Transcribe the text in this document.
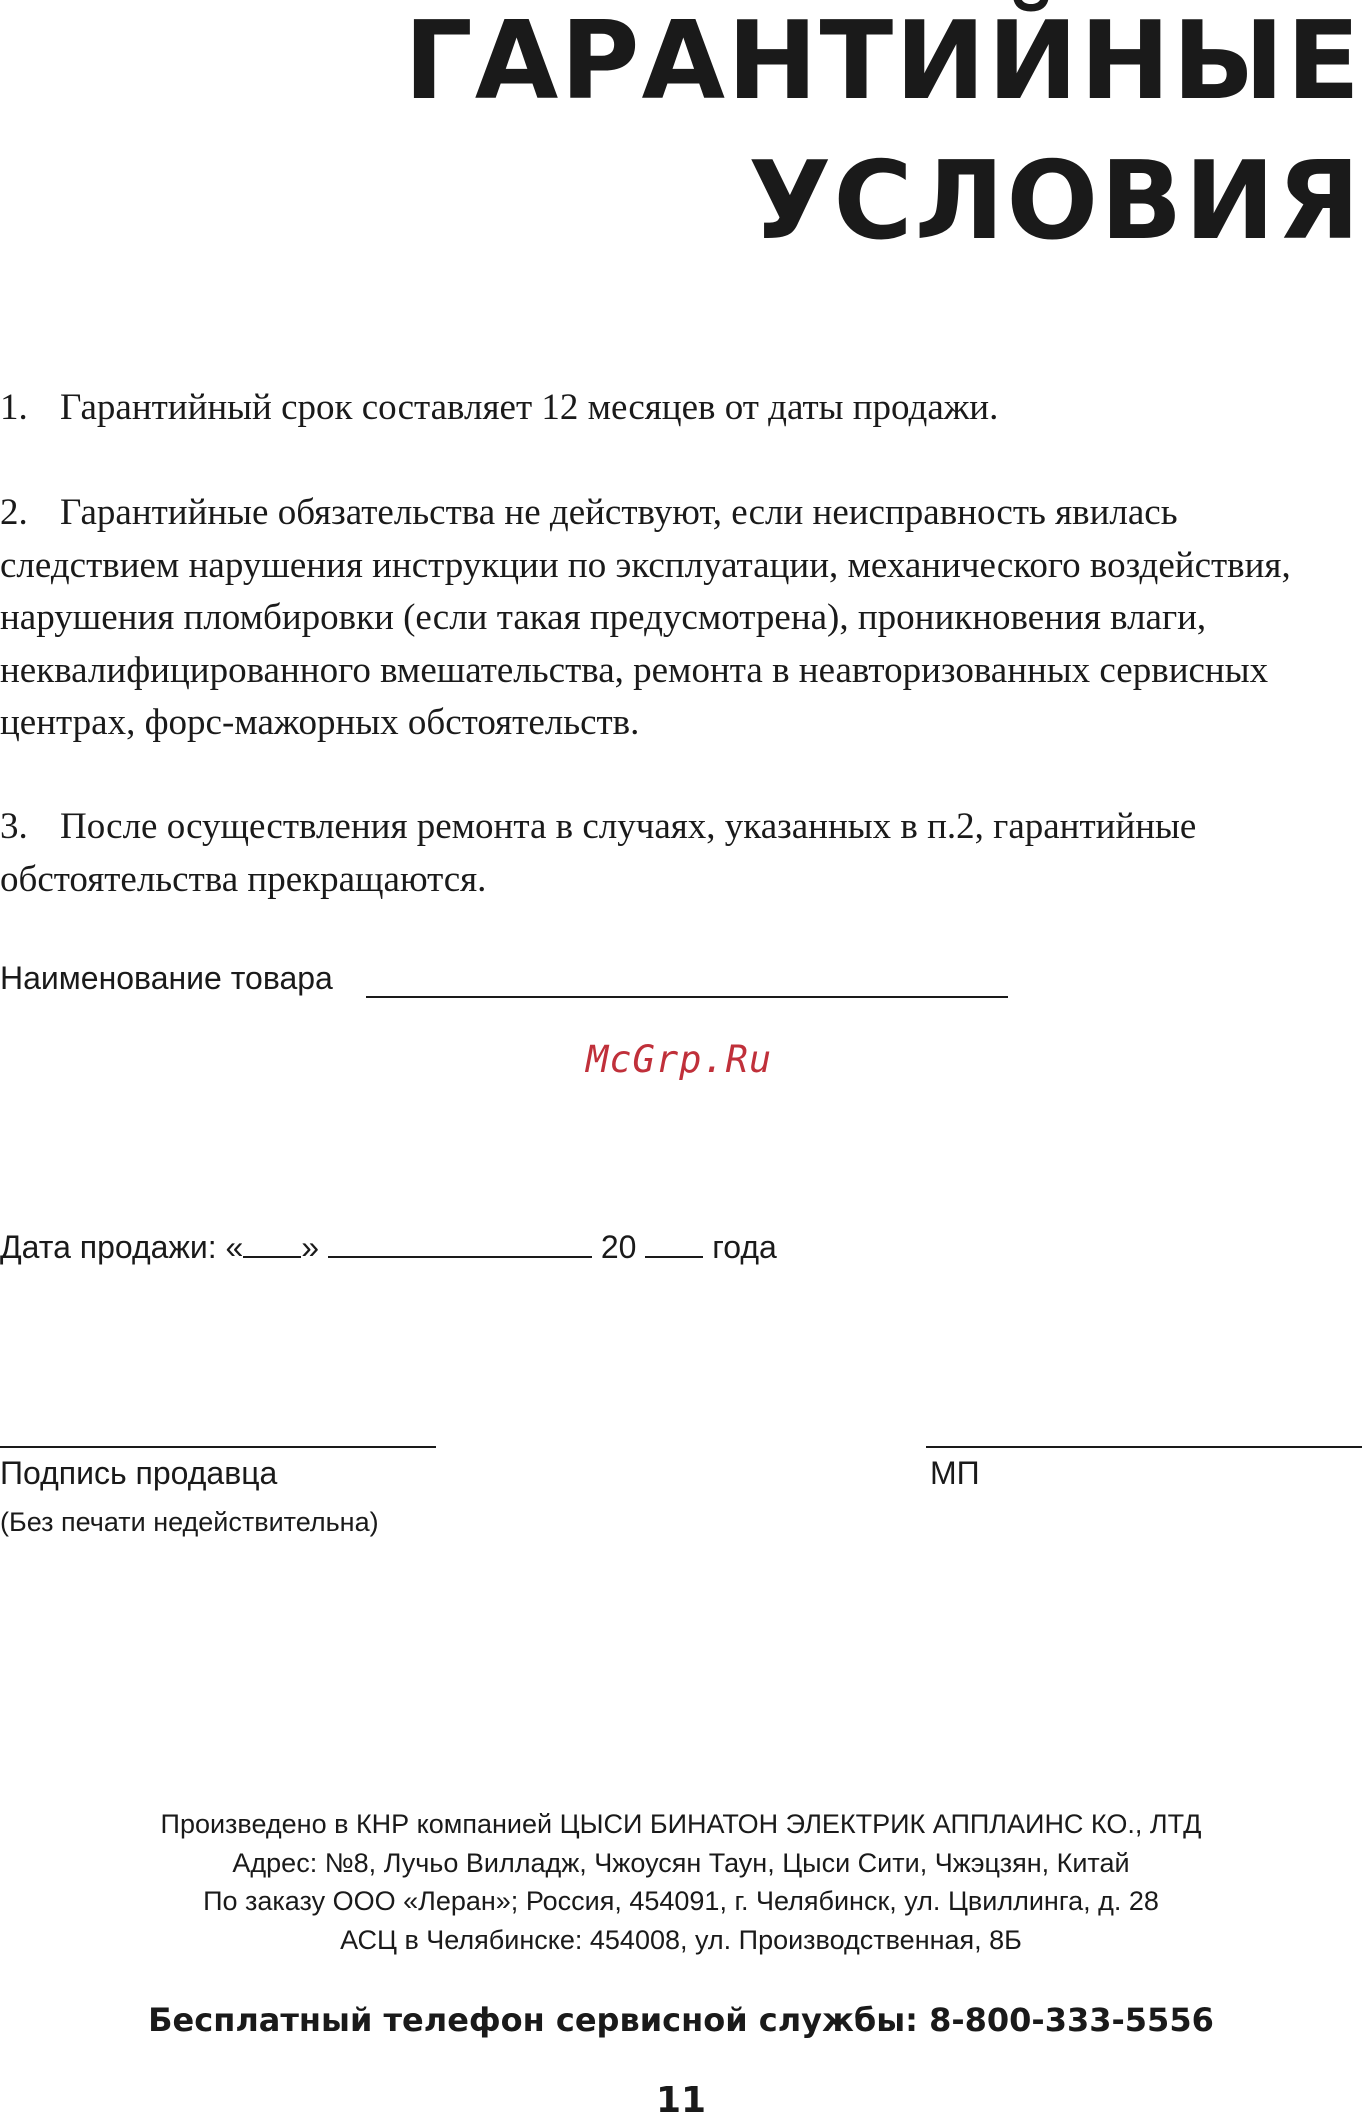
ГАРАНТИЙНЫЕ
УСЛОВИЯ
1. Гарантийный срок составляет 12 месяцев от даты продажи.
2. Гарантийные обязательства не действуют, если неисправность явилась следствием нарушения инструкции по эксплуатации, механического воздействия, нарушения пломбировки (если такая предусмотрена), проникновения влаги, неквалифицированного вмешательства, ремонта в неавторизованных сервисных центрах, форс-мажорных обстоятельств.
3. После осуществления ремонта в случаях, указанных в п.2, гарантийные обстоятельства прекращаются.
Наименование товара
McGrp.Ru
Дата продажи: « »	20 года
Подпись продавца	МП
(Без печати недействительна)
Произведено в КНР компанией ЦЫСИ БИНАТОН ЭЛЕКТРИК АППЛАИНС КО., ЛТД
Адрес: №8, Лучьо Вилладж, Чжоусян Таун, Цыси Сити, Чжэцзян, Китай
По заказу ООО «Леран»; Россия, 454091, г. Челябинск, ул. Цвиллинга, д. 28
АСЦ в Челябинске: 454008, ул. Производственная, 8Б
Бесплатный телефон сервисной службы: 8-800-333-5556
11
